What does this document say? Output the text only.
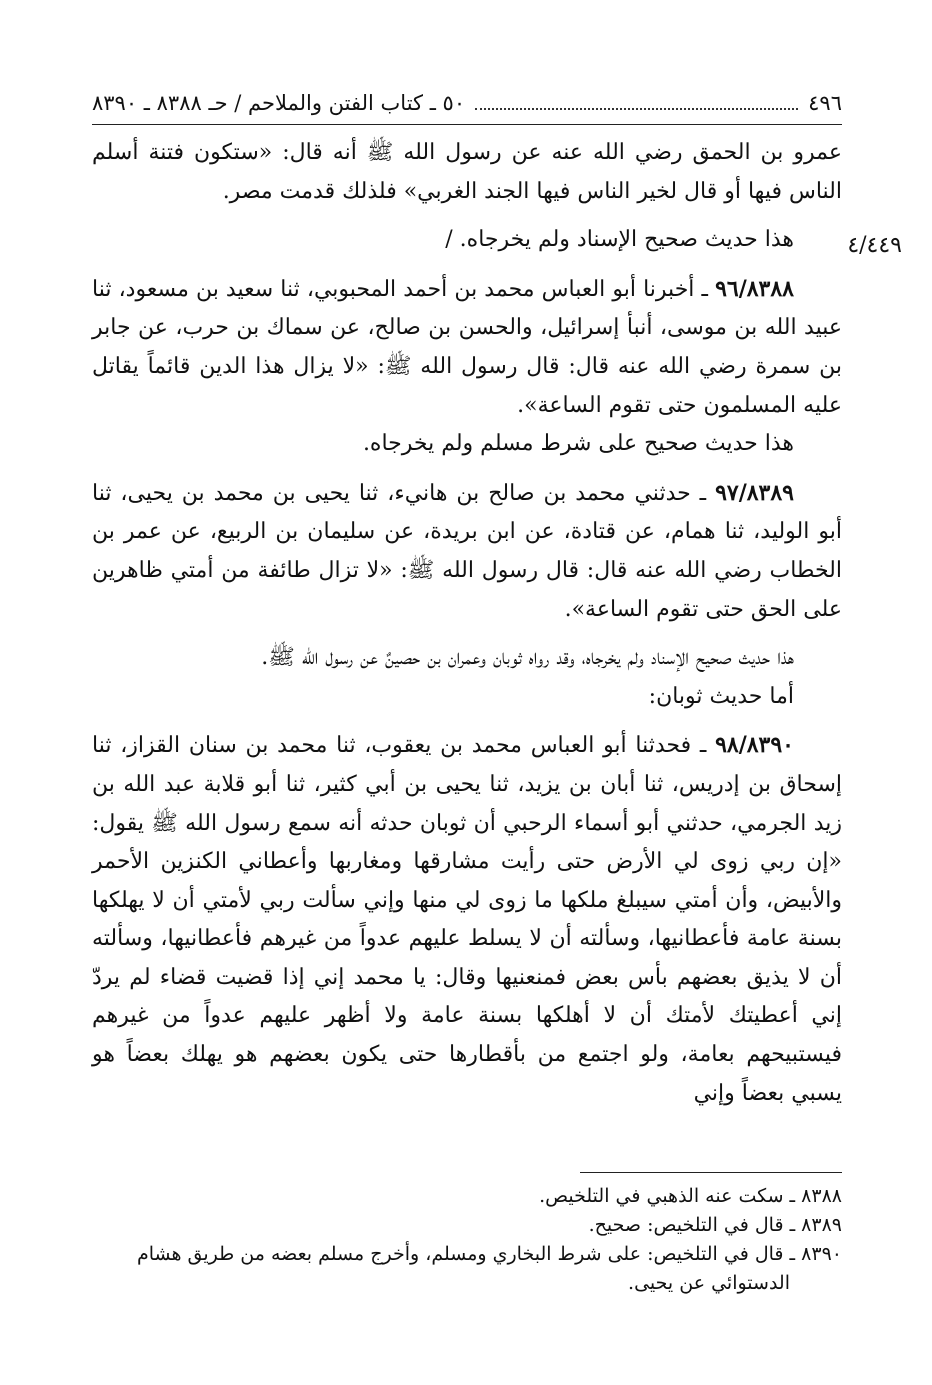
٤٩٦
٥٠ ـ كتاب الفتن والملاحم / حـ ٨٣٨٨ ـ ٨٣٩٠
٤/٤٤٩

عمرو بن الحمق رضي الله عنه عن رسول الله ﷺ أنه قال: «ستكون فتنة أسلم الناس فيها أو قال لخير الناس فيها الجند الغربي» فلذلك قدمت مصر.

هذا حديث صحيح الإسناد ولم يخرجاه. /

٩٦/٨٣٨٨ ـ أخبرنا أبو العباس محمد بن أحمد المحبوبي، ثنا سعيد بن مسعود، ثنا عبيد الله بن موسى، أنبأ إسرائيل، والحسن بن صالح، عن سماك بن حرب، عن جابر بن سمرة رضي الله عنه قال: قال رسول الله ﷺ: «لا يزال هذا الدين قائماً يقاتل عليه المسلمون حتى تقوم الساعة».

هذا حديث صحيح على شرط مسلم ولم يخرجاه.

٩٧/٨٣٨٩ ـ حدثني محمد بن صالح بن هانيء، ثنا يحيى بن محمد بن يحيى، ثنا أبو الوليد، ثنا همام، عن قتادة، عن ابن بريدة، عن سليمان بن الربيع، عن عمر بن الخطاب رضي الله عنه قال: قال رسول الله ﷺ: «لا تزال طائفة من أمتي ظاهرين على الحق حتى تقوم الساعة».

هذا حديث صحيح الإسناد ولم يخرجاه، وقد رواه ثوبان وعمران بن حصينٌ عن رسول الله ﷺ.

أما حديث ثوبان:

٩٨/٨٣٩٠ ـ فحدثنا أبو العباس محمد بن يعقوب، ثنا محمد بن سنان القزاز، ثنا إسحاق بن إدريس، ثنا أبان بن يزيد، ثنا يحيى بن أبي كثير، ثنا أبو قلابة عبد الله بن زيد الجرمي، حدثني أبو أسماء الرحبي أن ثوبان حدثه أنه سمع رسول الله ﷺ يقول: «إن ربي زوى لي الأرض حتى رأيت مشارقها ومغاربها وأعطاني الكنزين الأحمر والأبيض، وأن أمتي سيبلغ ملكها ما زوى لي منها وإني سألت ربي لأمتي أن لا يهلكها بسنة عامة فأعطانيها، وسألته أن لا يسلط عليهم عدواً من غيرهم فأعطانيها، وسألته أن لا يذيق بعضهم بأس بعض فمنعنيها وقال: يا محمد إني إذا قضيت قضاء لم يردّ إني أعطيتك لأمتك أن لا أهلكها بسنة عامة ولا أظهر عليهم عدواً من غيرهم فيستبيحهم بعامة، ولو اجتمع من بأقطارها حتى يكون بعضهم هو يهلك بعضاً هو يسبي بعضاً وإني

٨٣٨٨ ـ سكت عنه الذهبي في التلخيص.

٨٣٨٩ ـ قال في التلخيص: صحيح.

٨٣٩٠ ـ قال في التلخيص: على شرط البخاري ومسلم، وأخرج مسلم بعضه من طريق هشام

الدستوائي عن يحيى.
